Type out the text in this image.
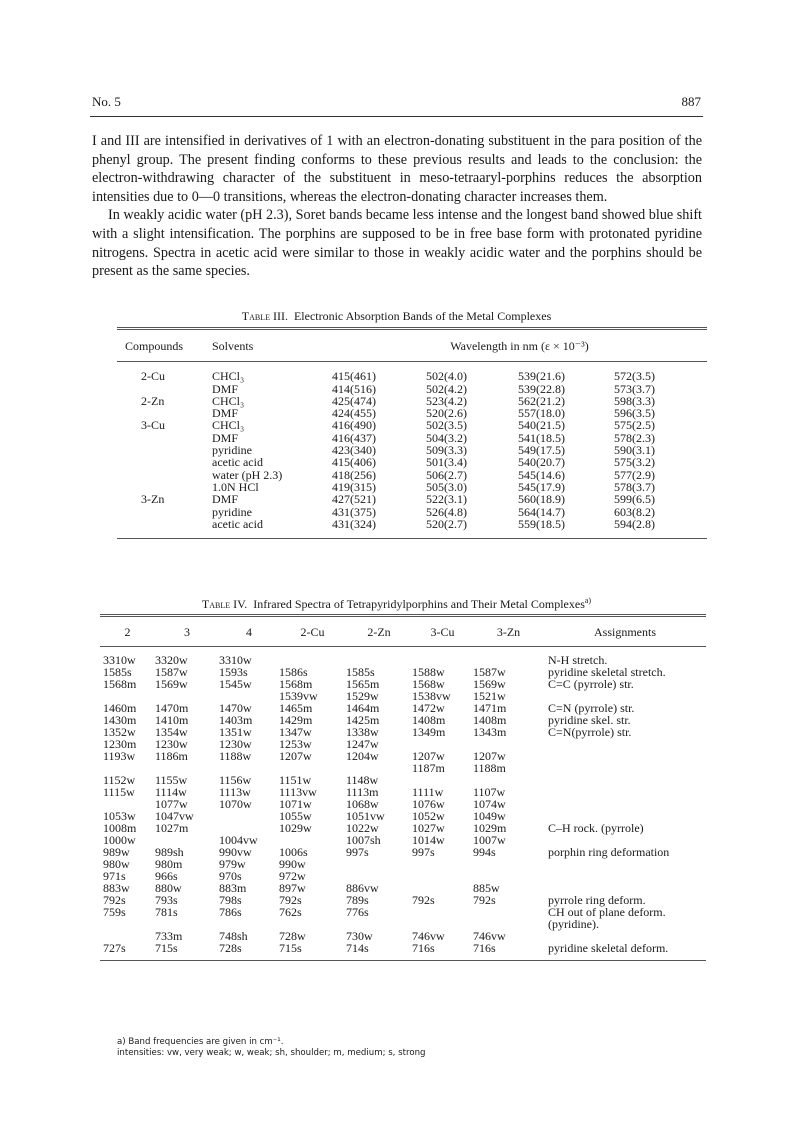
No. 5	887

I and III are intensified in derivatives of 1 with an electron-donating substituent in the para position of the phenyl group. The present finding conforms to these previous results and leads to the conclusion: the electron-withdrawing character of the substituent in meso-tetraaryl-porphins reduces the absorption intensities due to 0—0 transitions, whereas the electron-donating character increases them.

In weakly acidic water (pH 2.3), Soret bands became less intense and the longest band showed blue shift with a slight intensification. The porphins are supposed to be in free base form with protonated pyridine nitrogens. Spectra in acetic acid were similar to those in weakly acidic water and the porphins should be present as the same species.

Table III. Electronic Absorption Bands of the Metal Complexes
Compounds	Solvents	Wavelength in nm (ε × 10⁻³)			
2-Cu	CHCl₃	415(461)	502(4.0)	539(21.6)	572(3.5)
	DMF	414(516)	502(4.2)	539(22.8)	573(3.7)
2-Zn	CHCl₃	425(474)	523(4.2)	562(21.2)	598(3.3)
	DMF	424(455)	520(2.6)	557(18.0)	596(3.5)
3-Cu	CHCl₃	416(490)	502(3.5)	540(21.5)	575(2.5)
	DMF	416(437)	504(3.2)	541(18.5)	578(2.3)
	pyridine	423(340)	509(3.3)	549(17.5)	590(3.1)
	acetic acid	415(406)	501(3.4)	540(20.7)	575(3.2)
	water (pH 2.3)	418(256)	506(2.7)	545(14.6)	577(2.9)
	1.0N HCl	419(315)	505(3.0)	545(17.9)	578(3.7)
3-Zn	DMF	427(521)	522(3.1)	560(18.9)	599(6.5)
	pyridine	431(375)	526(4.8)	564(14.7)	603(8.2)
	acetic acid	431(324)	520(2.7)	559(18.5)	594(2.8)
Table IV. Infrared Spectra of Tetrapyridylporphins and Their Metal Complexes$^{a)}$
2	3	4	2-Cu	2-Zn	3-Cu	3-Zn	Assignments
3310w	3320w	3310w					N-H stretch.
1585s	1587w	1593s	1586s	1585s	1588w	1587w	pyridine skeletal stretch.
1568m	1569w	1545w	1568m	1565m	1568w	1569w	C=C (pyrrole) str.
			1539vw	1529w	1538vw	1521w	
1460m	1470m	1470w	1465m	1464m	1472w	1471m	C=N (pyrrole) str.
1430m	1410m	1403m	1429m	1425m	1408m	1408m	pyridine skel. str.
1352w	1354w	1351w	1347w	1338w	1349m	1343m	C=N(pyrrole) str.
1230m	1230w	1230w	1253w	1247w			
1193w	1186m	1188w	1207w	1204w	1207w	1207w	
					1187m	1188m	
1152w	1155w	1156w	1151w	1148w			
1115w	1114w	1113w	1113vw	1113m	1111w	1107w	
	1077w	1070w	1071w	1068w	1076w	1074w	
1053w	1047vw		1055w	1051vw	1052w	1049w	
1008m	1027m		1029w	1022w	1027w	1029m	C–H rock. (pyrrole)
1000w		1004vw		1007sh	1014w	1007w	
989w	989sh	990vw	1006s	997s	997s	994s	porphin ring deformation
980w	980m	979w	990w				
971s	966s	970s	972w				
883w	880w	883m	897w	886vw		885w	
792s	793s	798s	792s	789s	792s	792s	pyrrole ring deform.
759s	781s	786s	762s	776s			CH out of plane deform.
							(pyridine).
	733m	748sh	728w	730w	746vw	746vw	
727s	715s	728s	715s	714s	716s	716s	pyridine skeletal deform.
a) Band frequencies are given in cm⁻¹.
intensities: vw, very weak; w, weak; sh, shoulder; m, medium; s, strong
